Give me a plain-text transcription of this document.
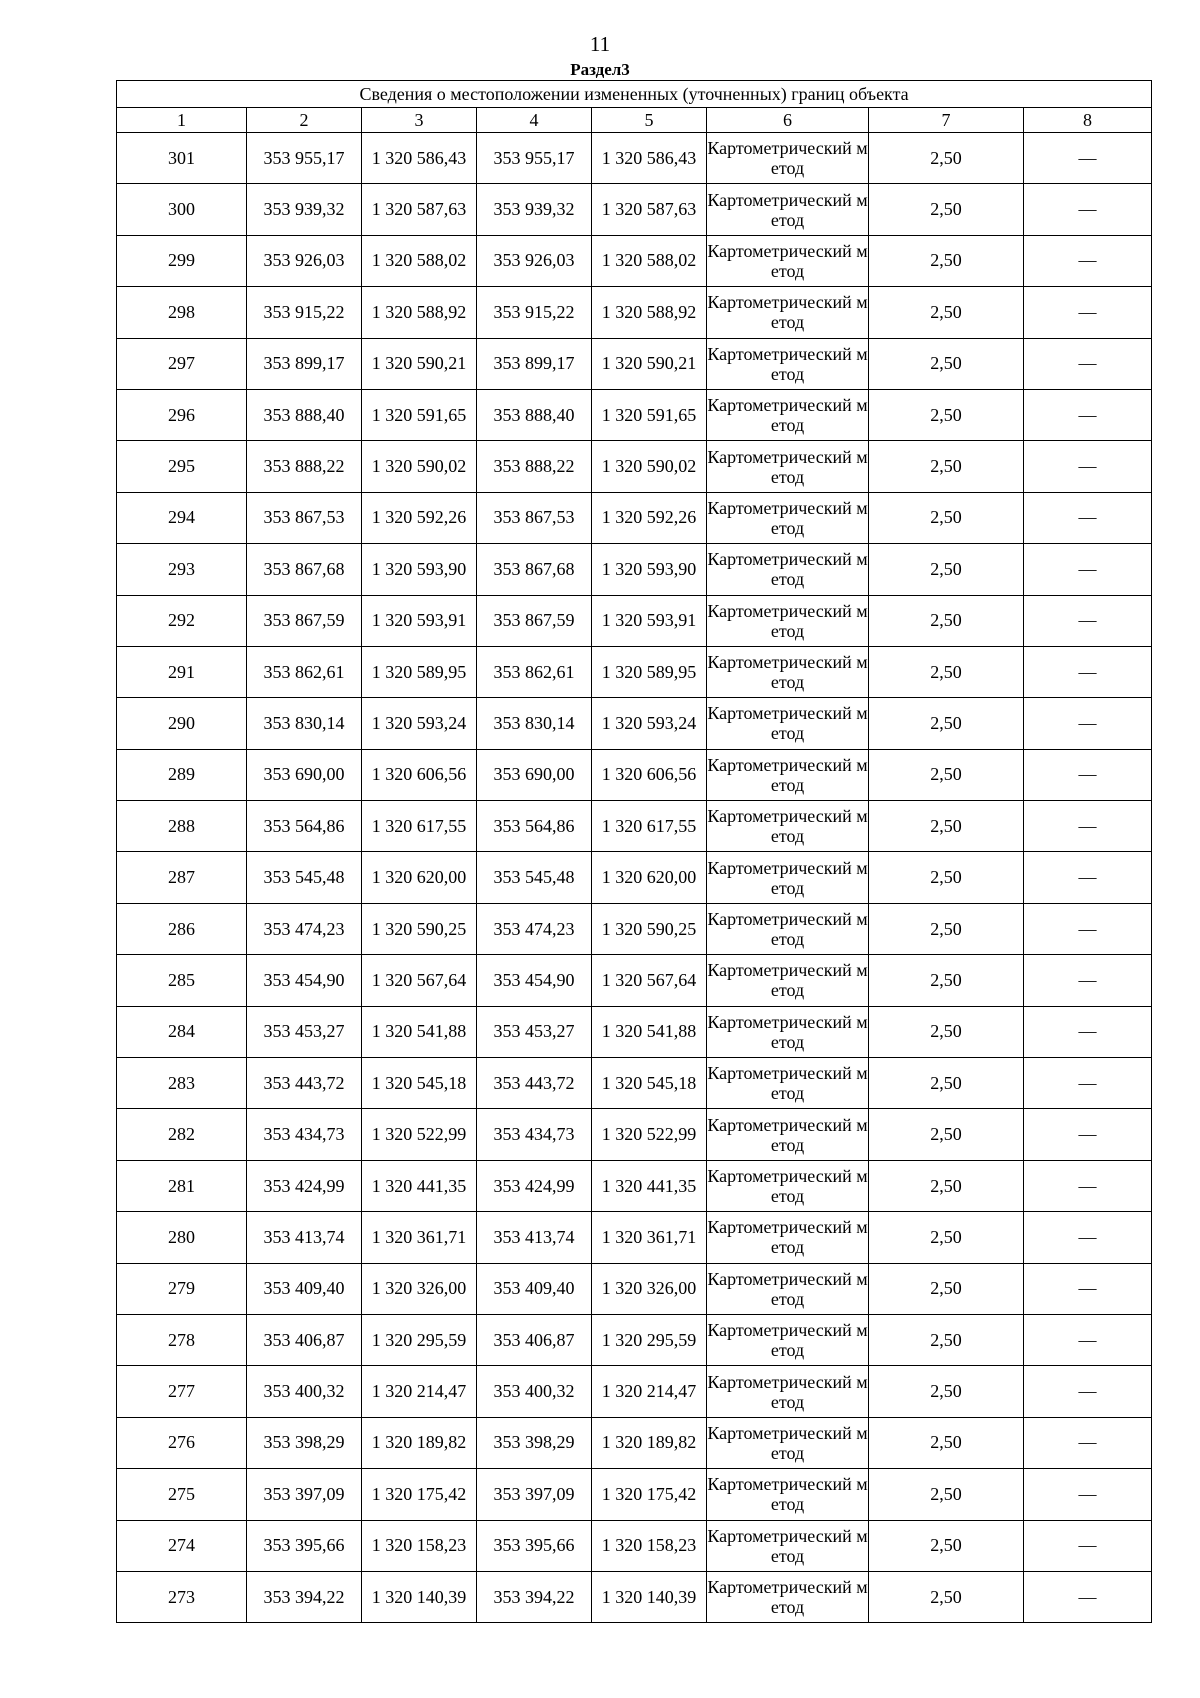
11
Раздел3
Сведения о местоположении измененных (уточненных) границ объекта							
1	2	3	4	5	6	7	8
301	353 955,17	1 320 586,43	353 955,17	1 320 586,43	Картометрический метод	2,50	—
300	353 939,32	1 320 587,63	353 939,32	1 320 587,63	Картометрический метод	2,50	—
299	353 926,03	1 320 588,02	353 926,03	1 320 588,02	Картометрический метод	2,50	—
298	353 915,22	1 320 588,92	353 915,22	1 320 588,92	Картометрический метод	2,50	—
297	353 899,17	1 320 590,21	353 899,17	1 320 590,21	Картометрический метод	2,50	—
296	353 888,40	1 320 591,65	353 888,40	1 320 591,65	Картометрический метод	2,50	—
295	353 888,22	1 320 590,02	353 888,22	1 320 590,02	Картометрический метод	2,50	—
294	353 867,53	1 320 592,26	353 867,53	1 320 592,26	Картометрический метод	2,50	—
293	353 867,68	1 320 593,90	353 867,68	1 320 593,90	Картометрический метод	2,50	—
292	353 867,59	1 320 593,91	353 867,59	1 320 593,91	Картометрический метод	2,50	—
291	353 862,61	1 320 589,95	353 862,61	1 320 589,95	Картометрический метод	2,50	—
290	353 830,14	1 320 593,24	353 830,14	1 320 593,24	Картометрический метод	2,50	—
289	353 690,00	1 320 606,56	353 690,00	1 320 606,56	Картометрический метод	2,50	—
288	353 564,86	1 320 617,55	353 564,86	1 320 617,55	Картометрический метод	2,50	—
287	353 545,48	1 320 620,00	353 545,48	1 320 620,00	Картометрический метод	2,50	—
286	353 474,23	1 320 590,25	353 474,23	1 320 590,25	Картометрический метод	2,50	—
285	353 454,90	1 320 567,64	353 454,90	1 320 567,64	Картометрический метод	2,50	—
284	353 453,27	1 320 541,88	353 453,27	1 320 541,88	Картометрический метод	2,50	—
283	353 443,72	1 320 545,18	353 443,72	1 320 545,18	Картометрический метод	2,50	—
282	353 434,73	1 320 522,99	353 434,73	1 320 522,99	Картометрический метод	2,50	—
281	353 424,99	1 320 441,35	353 424,99	1 320 441,35	Картометрический метод	2,50	—
280	353 413,74	1 320 361,71	353 413,74	1 320 361,71	Картометрический метод	2,50	—
279	353 409,40	1 320 326,00	353 409,40	1 320 326,00	Картометрический метод	2,50	—
278	353 406,87	1 320 295,59	353 406,87	1 320 295,59	Картометрический метод	2,50	—
277	353 400,32	1 320 214,47	353 400,32	1 320 214,47	Картометрический метод	2,50	—
276	353 398,29	1 320 189,82	353 398,29	1 320 189,82	Картометрический метод	2,50	—
275	353 397,09	1 320 175,42	353 397,09	1 320 175,42	Картометрический метод	2,50	—
274	353 395,66	1 320 158,23	353 395,66	1 320 158,23	Картометрический метод	2,50	—
273	353 394,22	1 320 140,39	353 394,22	1 320 140,39	Картометрический метод	2,50	—
